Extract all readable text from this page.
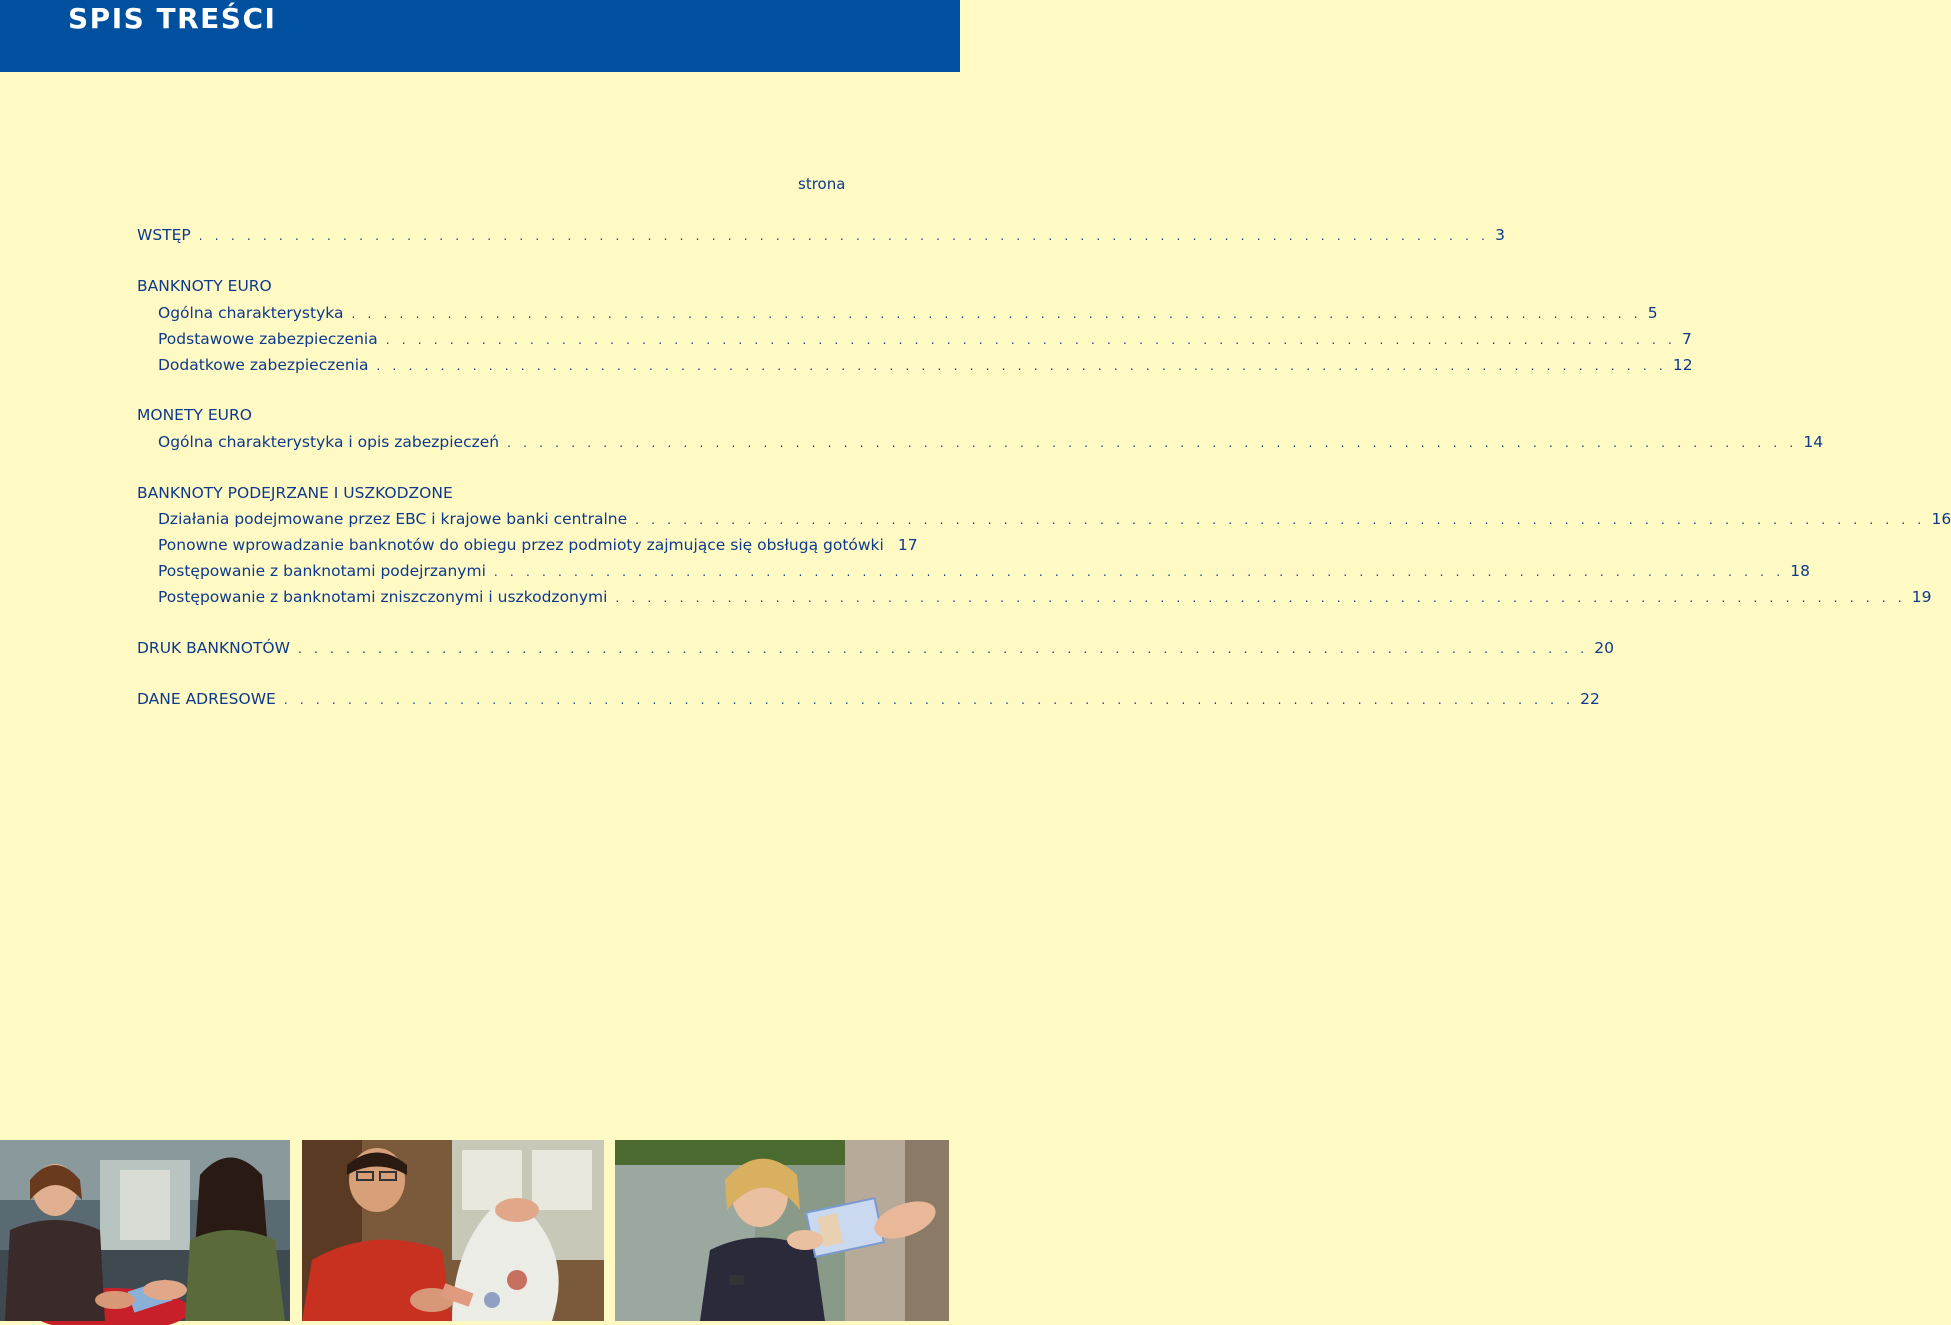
SPIS TREŚCI
strona
WSTĘP . . . . . . . . . . . . . . . . . . . . . . . . . . . . . . . . . . . . . . . . . . . . . . . . . . . . . . . . . . . . . . . . . . . . . . . . . . . . . . . . . 3
BANKNOTY EURO
Ogólna charakterystyka . . . . . . . . . . . . . . . . . . . . . . . . . . . . . . . . . . . . . . . . . . . . . . . . . . . . . . . . . . . . . . . . . . . . . . . . . . . . . . . . . 5
Podstawowe zabezpieczenia . . . . . . . . . . . . . . . . . . . . . . . . . . . . . . . . . . . . . . . . . . . . . . . . . . . . . . . . . . . . . . . . . . . . . . . . . . . . . . . . . 7
Dodatkowe zabezpieczenia . . . . . . . . . . . . . . . . . . . . . . . . . . . . . . . . . . . . . . . . . . . . . . . . . . . . . . . . . . . . . . . . . . . . . . . . . . . . . . . . . 12
MONETY EURO
Ogólna charakterystyka i opis zabezpieczeń . . . . . . . . . . . . . . . . . . . . . . . . . . . . . . . . . . . . . . . . . . . . . . . . . . . . . . . . . . . . . . . . . . . . . . . . . . . . . . . . . 14
BANKNOTY PODEJRZANE I USZKODZONE
Działania podejmowane przez EBC i krajowe banki centralne . . . . . . . . . . . . . . . . . . . . . . . . . . . . . . . . . . . . . . . . . . . . . . . . . . . . . . . . . . . . . . . . . . . . . . . . . . . . . . . . . 16
Ponowne wprowadzanie banknotów do obiegu przez podmioty zajmujące się obsługą gotówki 17
Postępowanie z banknotami podejrzanymi . . . . . . . . . . . . . . . . . . . . . . . . . . . . . . . . . . . . . . . . . . . . . . . . . . . . . . . . . . . . . . . . . . . . . . . . . . . . . . . . . 18
Postępowanie z banknotami zniszczonymi i uszkodzonymi . . . . . . . . . . . . . . . . . . . . . . . . . . . . . . . . . . . . . . . . . . . . . . . . . . . . . . . . . . . . . . . . . . . . . . . . . . . . . . . . . 19
DRUK BANKNOTÓW . . . . . . . . . . . . . . . . . . . . . . . . . . . . . . . . . . . . . . . . . . . . . . . . . . . . . . . . . . . . . . . . . . . . . . . . . . . . . . . . . 20
DANE ADRESOWE . . . . . . . . . . . . . . . . . . . . . . . . . . . . . . . . . . . . . . . . . . . . . . . . . . . . . . . . . . . . . . . . . . . . . . . . . . . . . . . . . 22
